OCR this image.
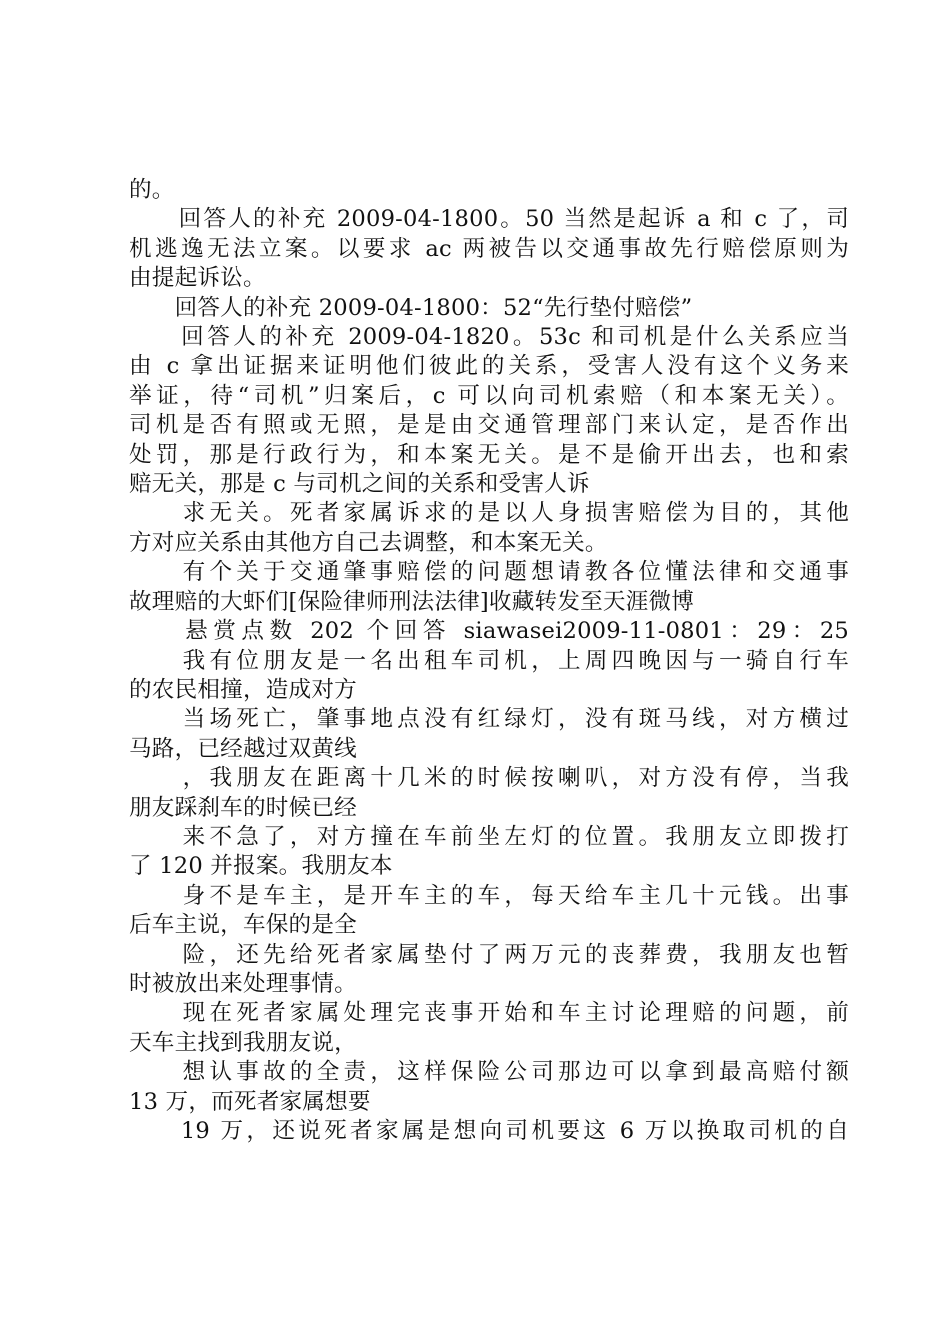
的。

　　回答人的补充 2009-04-1800。50 当然是起诉 a 和 c 了，司

机逃逸无法立案。以要求 ac 两被告以交通事故先行赔偿原则为

由提起诉讼。

　　回答人的补充 2009-04-1800：52“先行垫付赔偿”

　　回答人的补充 2009-04-1820。53c 和司机是什么关系应当

由 c 拿出证据来证明他们彼此的关系，受害人没有这个义务来

举证，待“司机”归案后，c 可以向司机索赔（和本案无关）。

司机是否有照或无照，是是由交通管理部门来认定，是否作出

处罚，那是行政行为，和本案无关。是不是偷开出去，也和索

赔无关，那是 c 与司机之间的关系和受害人诉

　　求无关。死者家属诉求的是以人身损害赔偿为目的，其他

方对应关系由其他方自己去调整，和本案无关。

　　有个关于交通肇事赔偿的问题想请教各位懂法律和交通事

故理赔的大虾们[保险律师刑法法律]收藏转发至天涯微博

　　悬赏点数 202 个回答 siawasei2009-11-0801：29：25

　　我有位朋友是一名出租车司机，上周四晚因与一骑自行车

的农民相撞，造成对方

　　当场死亡，肇事地点没有红绿灯，没有斑马线，对方横过

马路，已经越过双黄线

　　，我朋友在距离十几米的时候按喇叭，对方没有停，当我

朋友踩刹车的时候已经

　　来不急了，对方撞在车前坐左灯的位置。我朋友立即拨打

了 120 并报案。我朋友本

　　身不是车主，是开车主的车，每天给车主几十元钱。出事

后车主说，车保的是全

　　险，还先给死者家属垫付了两万元的丧葬费，我朋友也暂

时被放出来处理事情。

　　现在死者家属处理完丧事开始和车主讨论理赔的问题，前

天车主找到我朋友说，

　　想认事故的全责，这样保险公司那边可以拿到最高赔付额

13 万，而死者家属想要

　　19 万，还说死者家属是想向司机要这 6 万以换取司机的自
